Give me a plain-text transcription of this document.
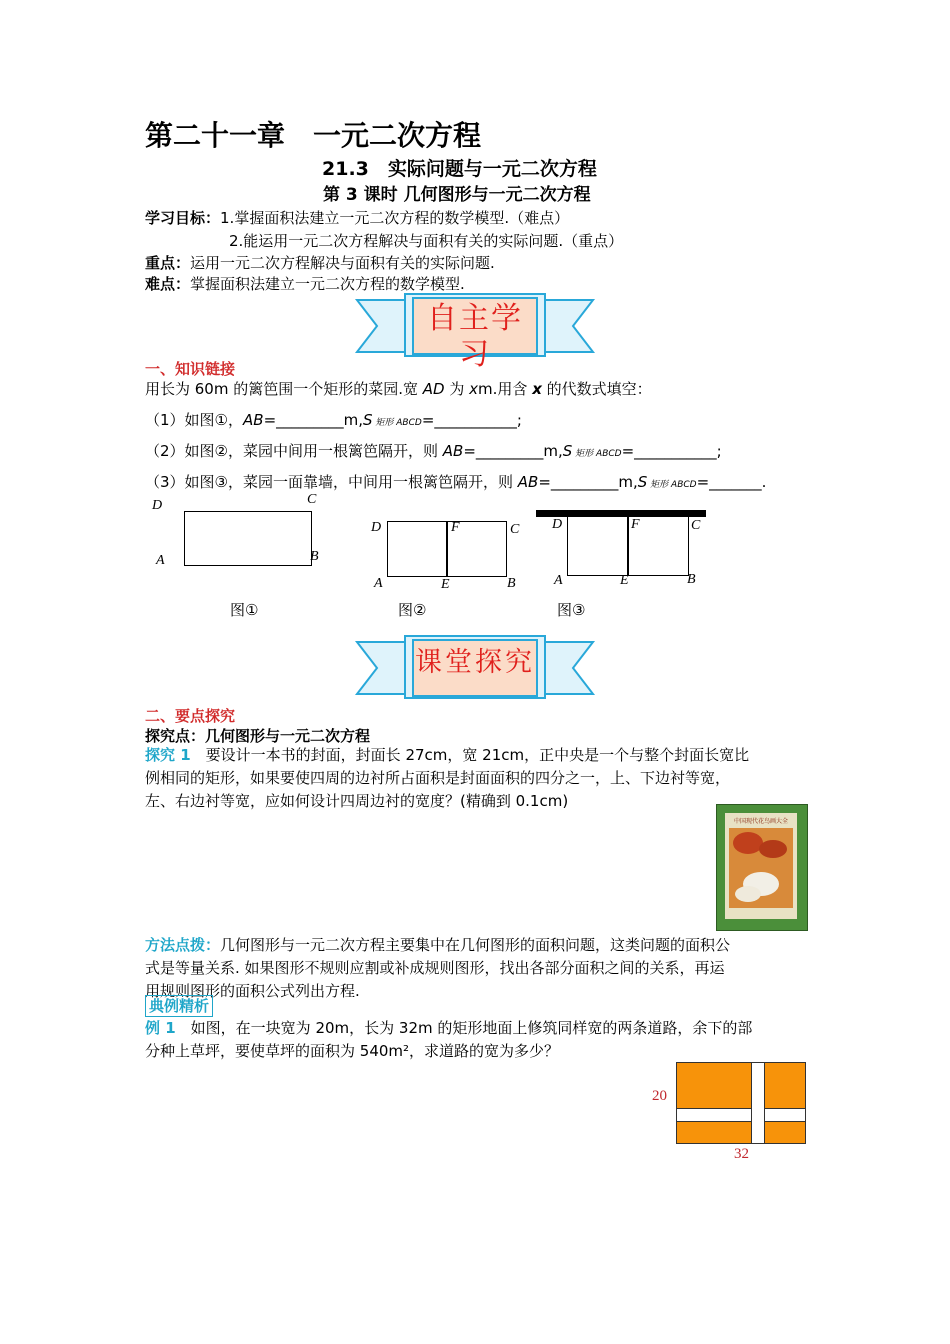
第二十一章　一元二次方程
21.3　实际问题与一元二次方程
第 3 课时 几何图形与一元二次方程
学习目标：1.掌握面积法建立一元二次方程的数学模型.（难点）
2.能运用一元二次方程解决与面积有关的实际问题.（重点）
重点：运用一元二次方程解决与面积有关的实际问题.
难点：掌握面积法建立一元二次方程的数学模型.
自主学习
一、知识链接
用长为 60m 的篱笆围一个矩形的菜园.宽 AD 为 xm.用含 x 的代数式填空：
（1）如图①，AB=_________m,S 矩形 ABCD=___________;
（2）如图②，菜园中间用一根篱笆隔开，则 AB=_________m,S 矩形 ABCD=___________;
（3）如图③，菜园一面靠墙，中间用一根篱笆隔开，则 AB=_________m,S 矩形 ABCD=_______.
D	C
A	B
D	F	C
A	E	B
D	F	C
A	E	B
图①	图②	图③
课堂探究
二、要点探究
探究点：几何图形与一元二次方程
探究 1　要设计一本书的封面，封面长 27cm，宽 21cm，正中央是一个与整个封面长宽比
例相同的矩形，如果要使四周的边衬所占面积是封面面积的四分之一，上、下边衬等宽，
左、右边衬等宽，应如何设计四周边衬的宽度？(精确到 0.1cm)
中国现代花鸟画大全
方法点拨：几何图形与一元二次方程主要集中在几何图形的面积问题，这类问题的面积公
式是等量关系. 如果图形不规则应割或补成规则图形，找出各部分面积之间的关系，再运
用规则图形的面积公式列出方程.
典例精析
例 1　如图，在一块宽为 20m，长为 32m 的矩形地面上修筑同样宽的两条道路，余下的部
分种上草坪，要使草坪的面积为 540m²，求道路的宽为多少？
20
32
